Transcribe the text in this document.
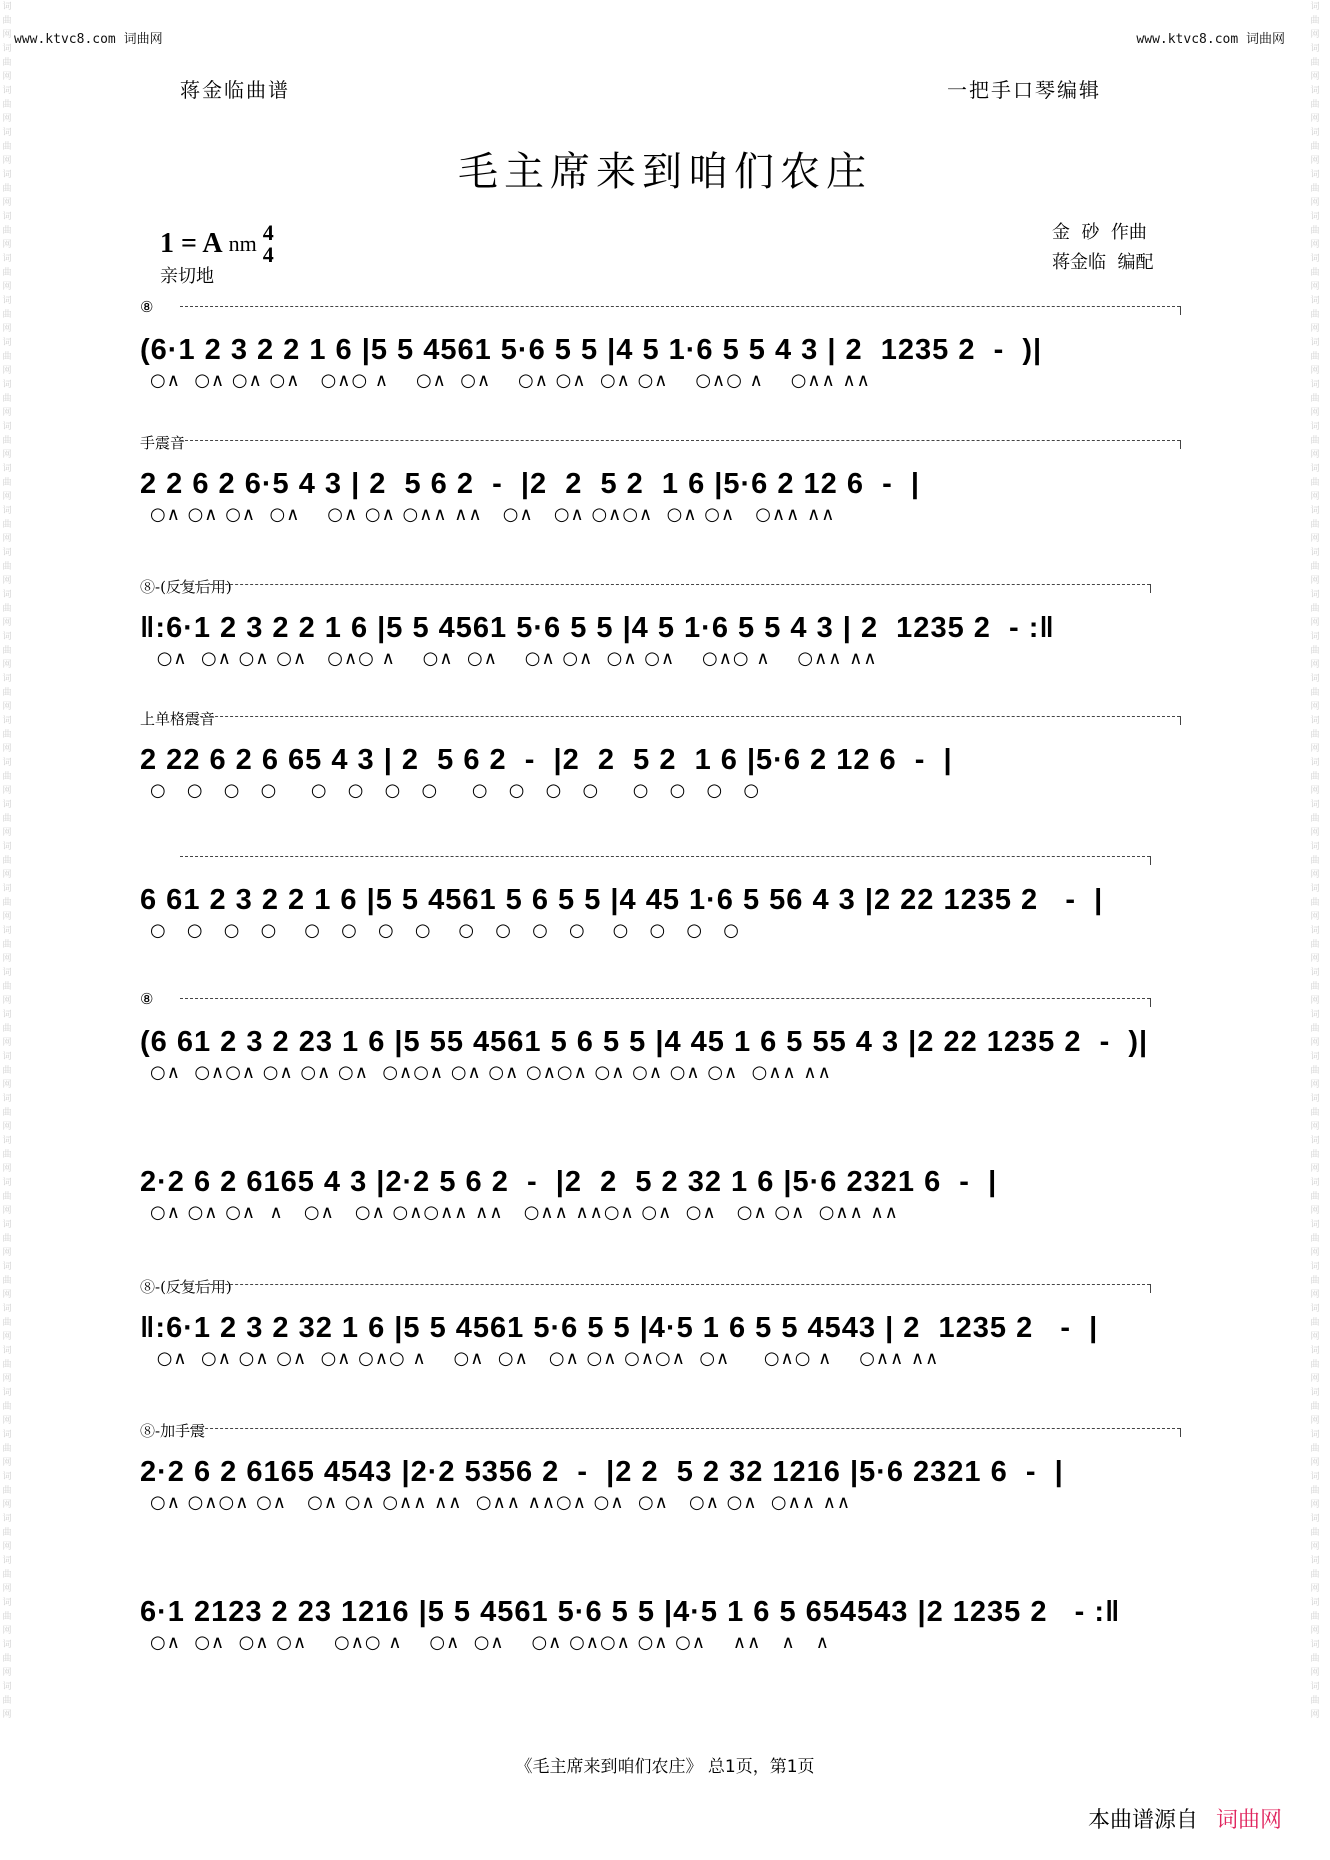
词曲网词曲网词曲网词曲网词曲网词曲网词曲网词曲网词曲网词曲网词曲网词曲网词曲网词曲网词曲网词曲网词曲网词曲网词曲网词曲网词曲网词曲网词曲网词曲网词曲网词曲网词曲网词曲网词曲网词曲网词曲网词曲网词曲网词曲网词曲网词曲网词曲网词曲网词曲网词曲网词曲网
词曲网词曲网词曲网词曲网词曲网词曲网词曲网词曲网词曲网词曲网词曲网词曲网词曲网词曲网词曲网词曲网词曲网词曲网词曲网词曲网词曲网词曲网词曲网词曲网词曲网词曲网词曲网词曲网词曲网词曲网词曲网词曲网词曲网词曲网词曲网词曲网词曲网词曲网词曲网词曲网词曲网
www.ktvc8.com 词曲网	www.ktvc8.com 词曲网
蒋金临曲谱	一把手口琴编辑
毛主席来到咱们农庄
1 = A nm 4
4
亲切地
金  砂  作曲
蒋金临  编配
⑧
(6·1 2 3 2 2 1 6 |5 5 4561 5·6 5 5 |4 5 1·6 5 5 4 3 | 2  1235 2  -  )|
○∧  ○∧ ○∧ ○∧   ○∧○ ∧    ○∧  ○∧    ○∧ ○∧  ○∧ ○∧    ○∧○ ∧    ○∧∧ ∧∧
手震音
2 2 6 2 6·5 4 3 | 2  5 6 2  -  |2  2  5 2  1 6 |5·6 2 12 6  -  |
○∧ ○∧ ○∧  ○∧    ○∧ ○∧ ○∧∧ ∧∧   ○∧   ○∧ ○∧○∧  ○∧ ○∧   ○∧∧ ∧∧
⑧-(反复后用)
‖:6·1 2 3 2 2 1 6 |5 5 4561 5·6 5 5 |4 5 1·6 5 5 4 3 | 2  1235 2  - :‖
○∧  ○∧ ○∧ ○∧   ○∧○ ∧    ○∧  ○∧    ○∧ ○∧  ○∧ ○∧    ○∧○ ∧    ○∧∧ ∧∧
上单格震音
2 22 6 2 6 65 4 3 | 2  5 6 2  -  |2  2  5 2  1 6 |5·6 2 12 6  -  |
○   ○   ○   ○     ○   ○   ○   ○     ○   ○   ○   ○     ○   ○   ○   ○
6 61 2 3 2 2 1 6 |5 5 4561 5 6 5 5 |4 45 1·6 5 56 4 3 |2 22 1235 2   -  |
○   ○   ○   ○    ○   ○   ○   ○    ○   ○   ○   ○    ○   ○   ○   ○
⑧
(6 61 2 3 2 23 1 6 |5 55 4561 5 6 5 5 |4 45 1 6 5 55 4 3 |2 22 1235 2  -  )|
○∧  ○∧○∧ ○∧ ○∧ ○∧  ○∧○∧ ○∧ ○∧ ○∧○∧ ○∧ ○∧ ○∧ ○∧  ○∧∧ ∧∧
2·2 6 2 6165 4 3 |2·2 5 6 2  -  |2  2  5 2 32 1 6 |5·6 2321 6  -  |
○∧ ○∧ ○∧  ∧   ○∧   ○∧ ○∧○∧∧ ∧∧   ○∧∧ ∧∧○∧ ○∧  ○∧   ○∧ ○∧  ○∧∧ ∧∧
⑧-(反复后用)
‖:6·1 2 3 2 32 1 6 |5 5 4561 5·6 5 5 |4·5 1 6 5 5 4543 | 2  1235 2   -  |
○∧  ○∧ ○∧ ○∧  ○∧ ○∧○ ∧    ○∧  ○∧   ○∧ ○∧ ○∧○∧  ○∧     ○∧○ ∧    ○∧∧ ∧∧
⑧-加手震
2·2 6 2 6165 4543 |2·2 5356 2  -  |2 2  5 2 32 1216 |5·6 2321 6  -  |
○∧ ○∧○∧ ○∧   ○∧ ○∧ ○∧∧ ∧∧  ○∧∧ ∧∧○∧ ○∧  ○∧   ○∧ ○∧  ○∧∧ ∧∧
6·1 2123 2 23 1216 |5 5 4561 5·6 5 5 |4·5 1 6 5 654543 |2 1235 2   - :‖
○∧  ○∧  ○∧ ○∧    ○∧○ ∧    ○∧  ○∧    ○∧ ○∧○∧ ○∧ ○∧    ∧∧   ∧   ∧
《毛主席来到咱们农庄》 总1页，第1页
本曲谱源自 词曲网
